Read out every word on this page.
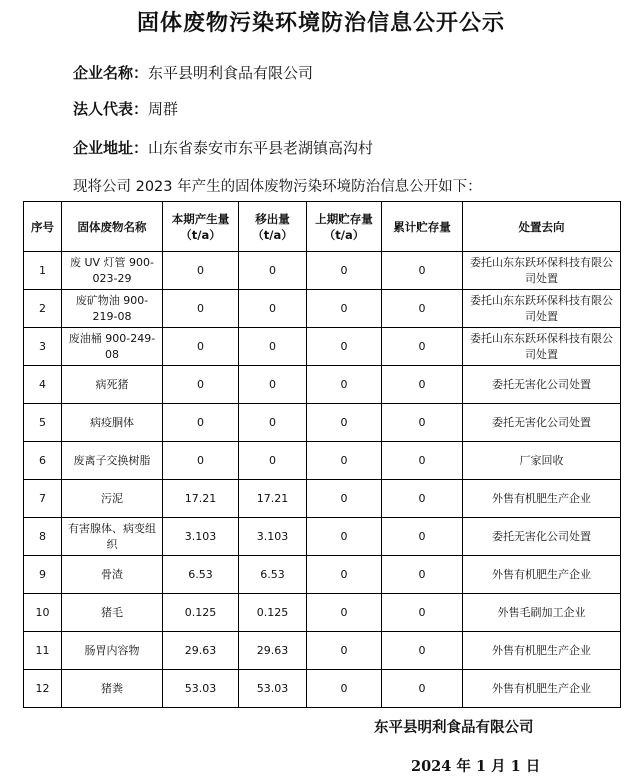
固体废物污染环境防治信息公开公示
企业名称：东平县明利食品有限公司
法人代表：周群
企业地址：山东省泰安市东平县老湖镇高沟村
现将公司 2023 年产生的固体废物污染环境防治信息公开如下：
序号	固体废物名称	本期产生量（t/a）	移出量（t/a）	上期贮存量（t/a）	累计贮存量	处置去向
1	废 UV 灯管 900-023-29	0	0	0	0	委托山东东跃环保科技有限公司处置
2	废矿物油 900-219-08	0	0	0	0	委托山东东跃环保科技有限公司处置
3	废油桶 900-249-08	0	0	0	0	委托山东东跃环保科技有限公司处置
4	病死猪	0	0	0	0	委托无害化公司处置
5	病疫胴体	0	0	0	0	委托无害化公司处置
6	废离子交换树脂	0	0	0	0	厂家回收
7	污泥	17.21	17.21	0	0	外售有机肥生产企业
8	有害腺体、病变组织	3.103	3.103	0	0	委托无害化公司处置
9	骨渣	6.53	6.53	0	0	外售有机肥生产企业
10	猪毛	0.125	0.125	0	0	外售毛刷加工企业
11	肠胃内容物	29.63	29.63	0	0	外售有机肥生产企业
12	猪粪	53.03	53.03	0	0	外售有机肥生产企业
东平县明利食品有限公司
2024 年 1 月 1 日
